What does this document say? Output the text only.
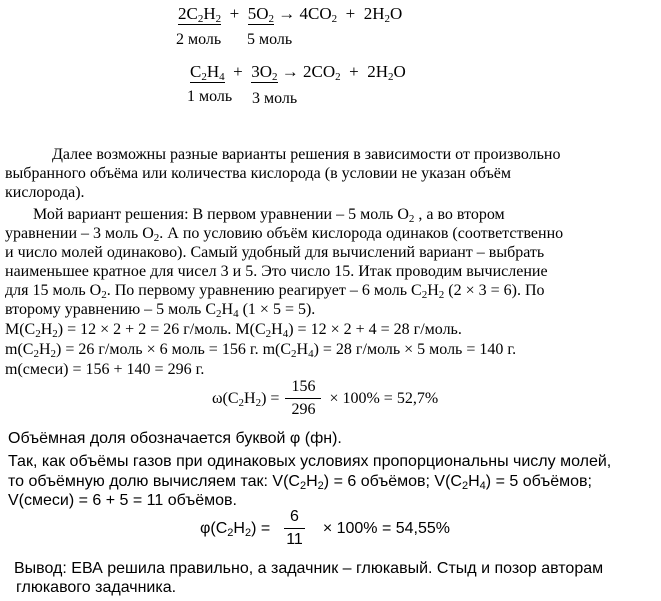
$2C_2H_2 + 5O_2 \to 4CO_2 + 2H_2O$
2 моль 5 моль
$C_2H_4 + 3O_2 \to 2CO_2 + 2H_2O$
1 моль 3 моль
Далее возможны разные варианты решения в зависимости от произвольно
выбранного объёма или количества кислорода (в условии не указан объём
кислорода).
Мой вариант решения: В первом уравнении – 5 моль $О_2$ , а во втором
уравнении – 3 моль $О_2$. А по условию объём кислорода одинаков (соответственно
и число молей одинаково). Самый удобный для вычислений вариант – выбрать
наименьшее кратное для чисел 3 и 5. Это число 15. Итак проводим вычисление
для 15 моль $О_2$. По первому уравнению реагирует – 6 моль $C_2H_2$ (2 × 3 = 6). По
второму уравнению – 5 моль $C_2H_4$ (1 × 5 = 5).
$M(C_2H_2) = 12 \times 2 + 2 = 26$ г/моль. $M(C_2H_4) = 12 \times 2 + 4 = 28$ г/моль.
$m(C_2H_2) = 26$ г/моль × 6 моль = 156 г. $m(C_2H_4) = 28$ г/моль × 5 моль = 140 г.
m(смеси) = 156 + 140 = 296 г.
$\omega(C_2H_2) = \frac{156}{296} \times 100\% = 52,7\%$
Объёмная доля обозначается буквой φ (фн).
Так, как объёмы газов при одинаковых условиях пропорциональны числу молей,
то объёмную долю вычисляем так: $V(C_2H_2) = 6$ объёмов; $V(C_2H_4) = 5$ объёмов;
V(смеси) = 6 + 5 = 11 объёмов.
$\varphi(C_2H_2) = \frac{6}{11} \times 100\% = 54,55\%$
Вывод: ЕВА решила правильно, а задачник – глюкавый. Стыд и позор авторам
глюкавого задачника.
